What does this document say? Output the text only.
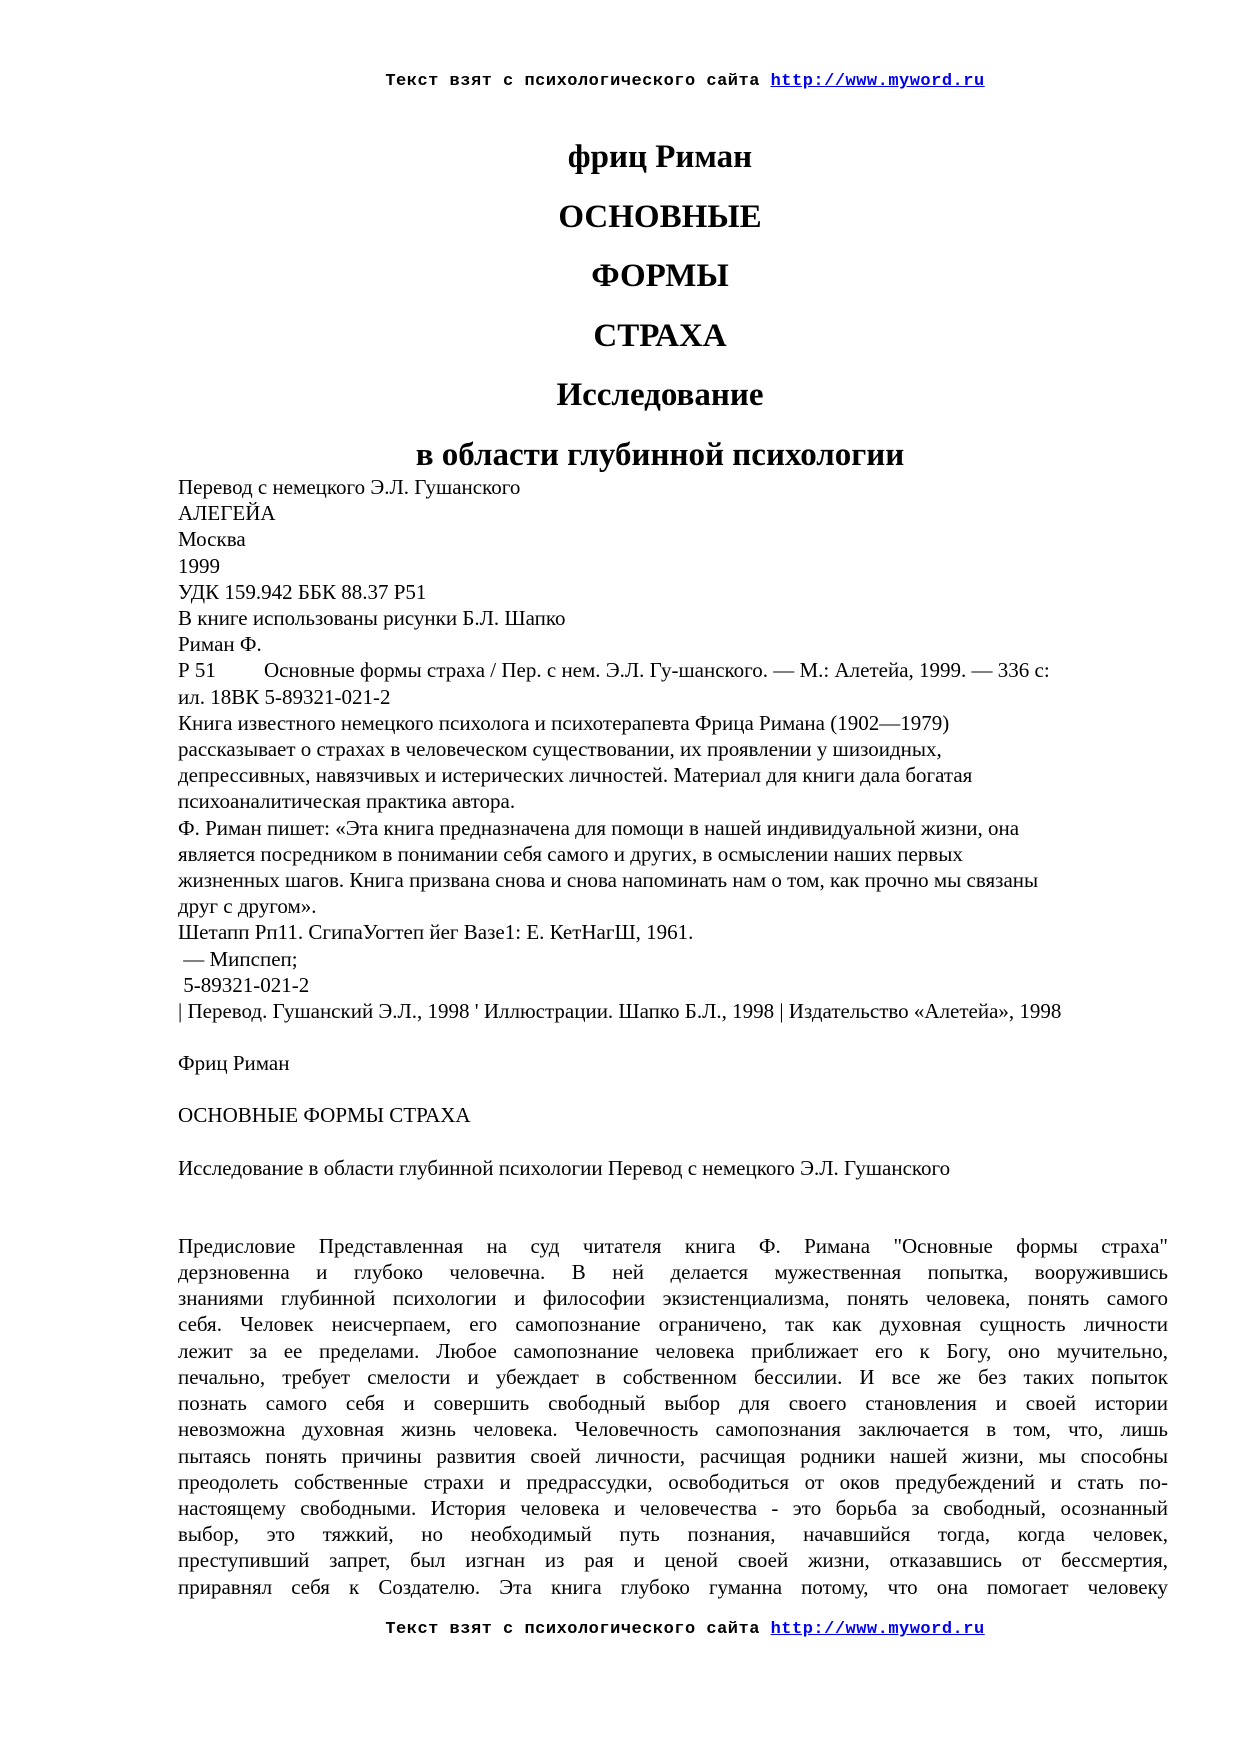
Текст взят с психологического сайта http://www.myword.ru
фриц Риман
ОСНОВНЫЕ
ФОРМЫ
СТРАХА
Исследование
в области глубинной психологии

Перевод с немецкого Э.Л. Гушанского

АЛЕГЕЙА

Москва

1999

УДК 159.942 ББК 88.37 Р51

В книге использованы рисунки Б.Л. Шапко

Риман Ф.

Р 51 Основные формы страха / Пер. с нем. Э.Л. Гу-шанского. — М.: Алетейа, 1999. — 336 с:

ил. 18ВК 5-89321-021-2

Книга известного немецкого психолога и психотерапевта Фрица Римана (1902—1979)

рассказывает о страхах в человеческом существовании, их проявлении у шизоидных,

депрессивных, навязчивых и истерических личностей. Материал для книги дала богатая

психоаналитическая практика автора.

Ф. Риман пишет: «Эта книга предназначена для помощи в нашей индивидуальной жизни, она

является посредником в понимании себя самого и других, в осмыслении наших первых

жизненных шагов. Книга призвана снова и снова напоминать нам о том, как прочно мы связаны

друг с другом».

Шетапп Рп11. СгипаУогтеп йег Вазе1: Е. КетНагШ, 1961.

— Мипспеп;

5-89321-021-2

| Перевод. Гушанский Э.Л., 1998 ' Иллюстрации. Шапко Б.Л., 1998 | Издательство «Алетейа», 1998

Фриц Риман

ОСНОВНЫЕ ФОРМЫ СТРАХА

Исследование в области глубинной психологии Перевод с немецкого Э.Л. Гушанского

Предисловие Представленная на суд читателя книга Ф. Римана "Основные формы страха"

дерзновенна и глубоко человечна. В ней делается мужественная попытка, вооружившись

знаниями глубинной психологии и философии экзистенциализма, понять человека, понять самого

себя. Человек неисчерпаем, его самопознание ограничено, так как духовная сущность личности

лежит за ее пределами. Любое самопознание человека приближает его к Богу, оно мучительно,

печально, требует смелости и убеждает в собственном бессилии. И все же без таких попыток

познать самого себя и совершить свободный выбор для своего становления и своей истории

невозможна духовная жизнь человека. Человечность самопознания заключается в том, что, лишь

пытаясь понять причины развития своей личности, расчищая родники нашей жизни, мы способны

преодолеть собственные страхи и предрассудки, освободиться от оков предубеждений и стать по-

настоящему свободными. История человека и человечества - это борьба за свободный, осознанный

выбор, это тяжкий, но необходимый путь познания, начавшийся тогда, когда человек,

преступивший запрет, был изгнан из рая и ценой своей жизни, отказавшись от бессмертия,

приравнял себя к Создателю. Эта книга глубоко гуманна потому, что она помогает человеку

Текст взят с психологического сайта http://www.myword.ru
